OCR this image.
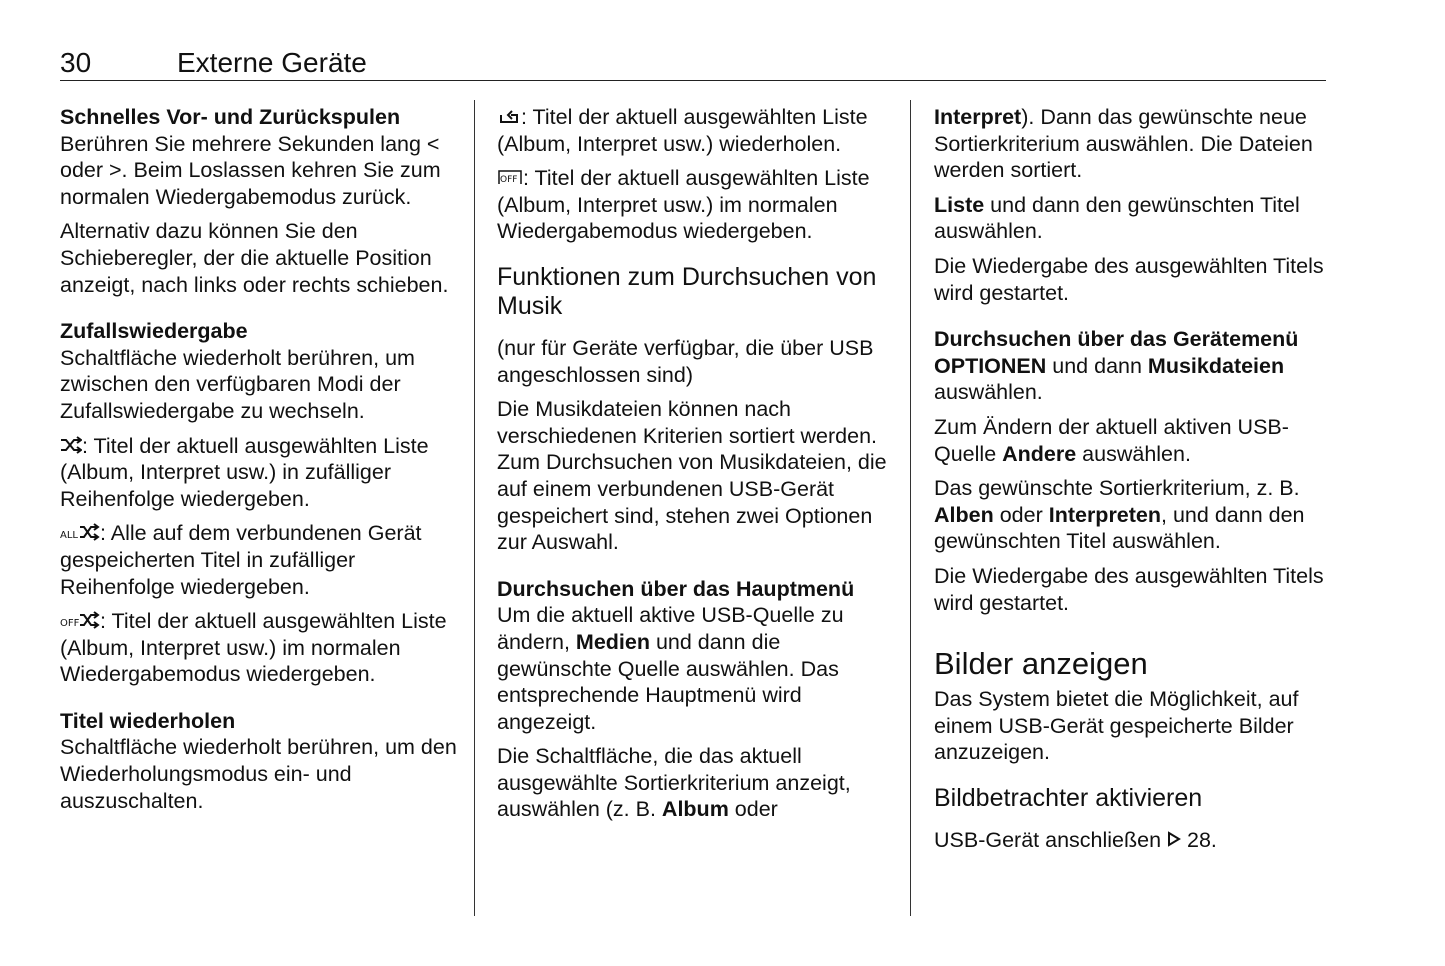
30	Externe Geräte
Schnelles Vor- und Zurückspulen

Berühren Sie mehrere Sekunden lang < oder >. Beim Loslassen kehren Sie zum normalen Wiedergabemodus zurück.

Alternativ dazu können Sie den Schieberegler, der die aktuelle Position anzeigt, nach links oder rechts schieben.

Zufallswiedergabe

Schaltfläche wiederholt berühren, um zwischen den verfügbaren Modi der Zufallswiedergabe zu wechseln.

: Titel der aktuell ausgewählten Liste (Album, Interpret usw.) in zufälliger Reihenfolge wiedergeben.

ALL : Alle auf dem verbundenen Gerät gespeicherten Titel in zufälliger Reihenfolge wiedergeben.

OFF : Titel der aktuell ausgewählten Liste (Album, Interpret usw.) im normalen Wiedergabemodus wiedergeben.

Titel wiederholen

Schaltfläche wiederholt berühren, um den Wiederholungsmodus ein- und auszuschalten.

: Titel der aktuell ausgewählten Liste (Album, Interpret usw.) wiederholen.

OFF : Titel der aktuell ausgewählten Liste (Album, Interpret usw.) im normalen Wiedergabemodus wiedergeben.

Funktionen zum Durchsuchen von Musik

(nur für Geräte verfügbar, die über USB angeschlossen sind)

Die Musikdateien können nach verschiedenen Kriterien sortiert werden. Zum Durchsuchen von Musikdateien, die auf einem verbundenen USB-Gerät gespeichert sind, stehen zwei Optionen zur Auswahl.

Durchsuchen über das Hauptmenü

Um die aktuell aktive USB-Quelle zu ändern, Medien und dann die gewünschte Quelle auswählen. Das entsprechende Hauptmenü wird angezeigt.

Die Schaltfläche, die das aktuell ausgewählte Sortierkriterium anzeigt, auswählen (z. B. Album oder

Interpret). Dann das gewünschte neue Sortierkriterium auswählen. Die Dateien werden sortiert.

Liste und dann den gewünschten Titel auswählen.

Die Wiedergabe des ausgewählten Titels wird gestartet.

Durchsuchen über das Gerätemenü

OPTIONEN und dann Musikdateien auswählen.

Zum Ändern der aktuell aktiven USB-Quelle Andere auswählen.

Das gewünschte Sortierkriterium, z. B. Alben oder Interpreten, und dann den gewünschten Titel auswählen.

Die Wiedergabe des ausgewählten Titels wird gestartet.

Bilder anzeigen

Das System bietet die Möglichkeit, auf einem USB-Gerät gespeicherte Bilder anzuzeigen.

Bildbetrachter aktivieren

USB-Gerät anschließen
28.
